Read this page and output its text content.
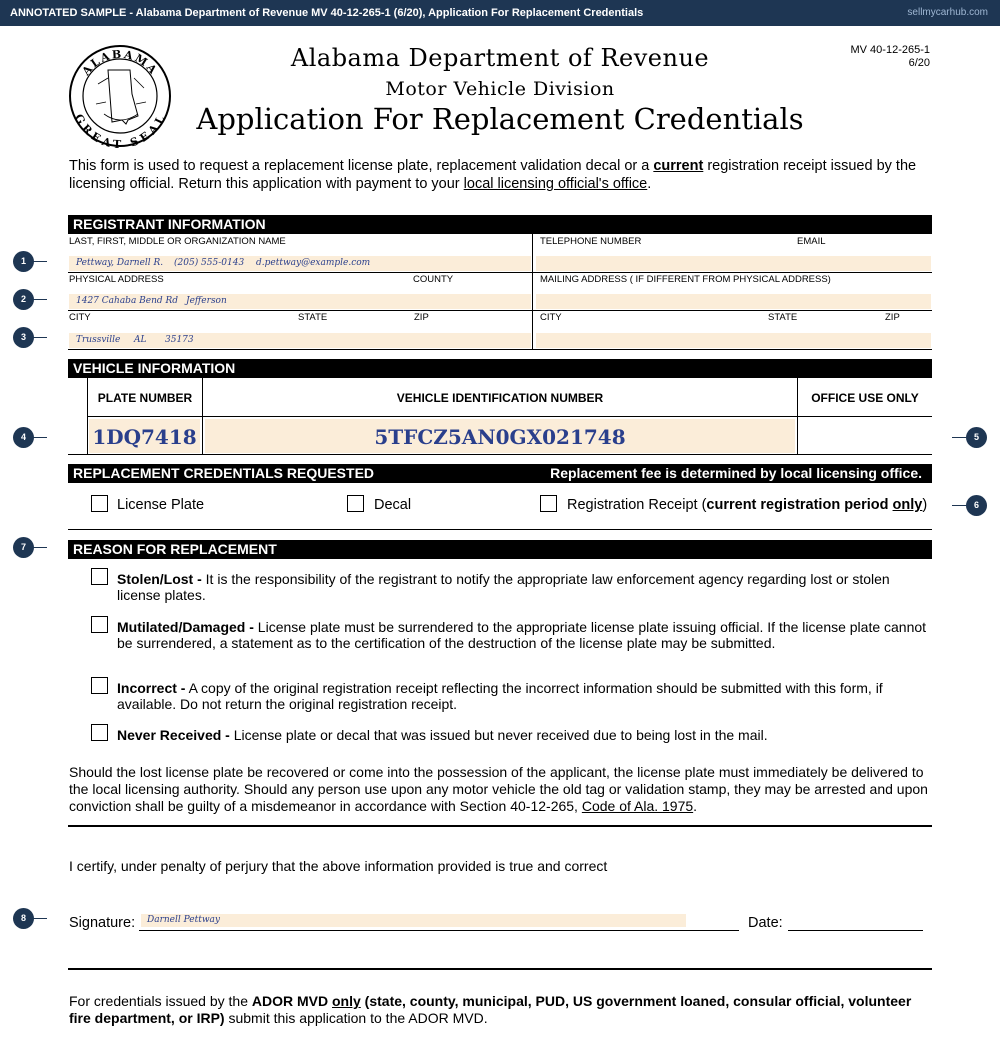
ANNOTATED SAMPLE - Alabama Department of Revenue MV 40-12-265-1 (6/20), Application For Replacement Credentials	sellmycarhub.com
ALABAMA
GREAT SEAL
Alabama Department of Revenue
Motor Vehicle Division
Application For Replacement Credentials
MV 40-12-265-1
6/20
This form is used to request a replacement license plate, replacement validation decal or a current registration receipt issued by the licensing official. Return this application with payment to your local licensing official's office.
REGISTRANT INFORMATION
LAST, FIRST, MIDDLE OR ORGANIZATION NAME	TELEPHONE NUMBER	EMAIL
Pettway, Darnell R. (205) 555-0143 d.pettway@example.com
PHYSICAL ADDRESS	COUNTY	MAILING ADDRESS ( IF DIFFERENT FROM PHYSICAL ADDRESS)
1427 Cahaba Bend Rd Jefferson
CITY	STATE	ZIP	CITY	STATE	ZIP
Trussville AL 35173
VEHICLE INFORMATION
PLATE NUMBER	VEHICLE IDENTIFICATION NUMBER	OFFICE USE ONLY
1DQ7418	5TFCZ5AN0GX021748
REPLACEMENT CREDENTIALS REQUESTED	Replacement fee is determined by local licensing office.
License Plate	Decal	Registration Receipt (current registration period only)
REASON FOR REPLACEMENT
Stolen/Lost - It is the responsibility of the registrant to notify the appropriate law enforcement agency regarding lost or stolen license plates.
Mutilated/Damaged - License plate must be surrendered to the appropriate license plate issuing official. If the license plate cannot be surrendered, a statement as to the certification of the destruction of the license plate may be submitted.
Incorrect - A copy of the original registration receipt reflecting the incorrect information should be submitted with this form, if available. Do not return the original registration receipt.
Never Received - License plate or decal that was issued but never received due to being lost in the mail.
Should the lost license plate be recovered or come into the possession of the applicant, the license plate must immediately be delivered to the local licensing authority. Should any person use upon any motor vehicle the old tag or validation stamp, they may be arrested and upon conviction shall be guilty of a misdemeanor in accordance with Section 40-12-265, Code of Ala. 1975.
I certify, under penalty of perjury that the above information provided is true and correct
Signature: Darnell Pettway	Date:
For credentials issued by the ADOR MVD only (state, county, municipal, PUD, US government loaned, consular official, volunteer fire department, or IRP) submit this application to the ADOR MVD.
1
2
3
4	5
6
7
8
